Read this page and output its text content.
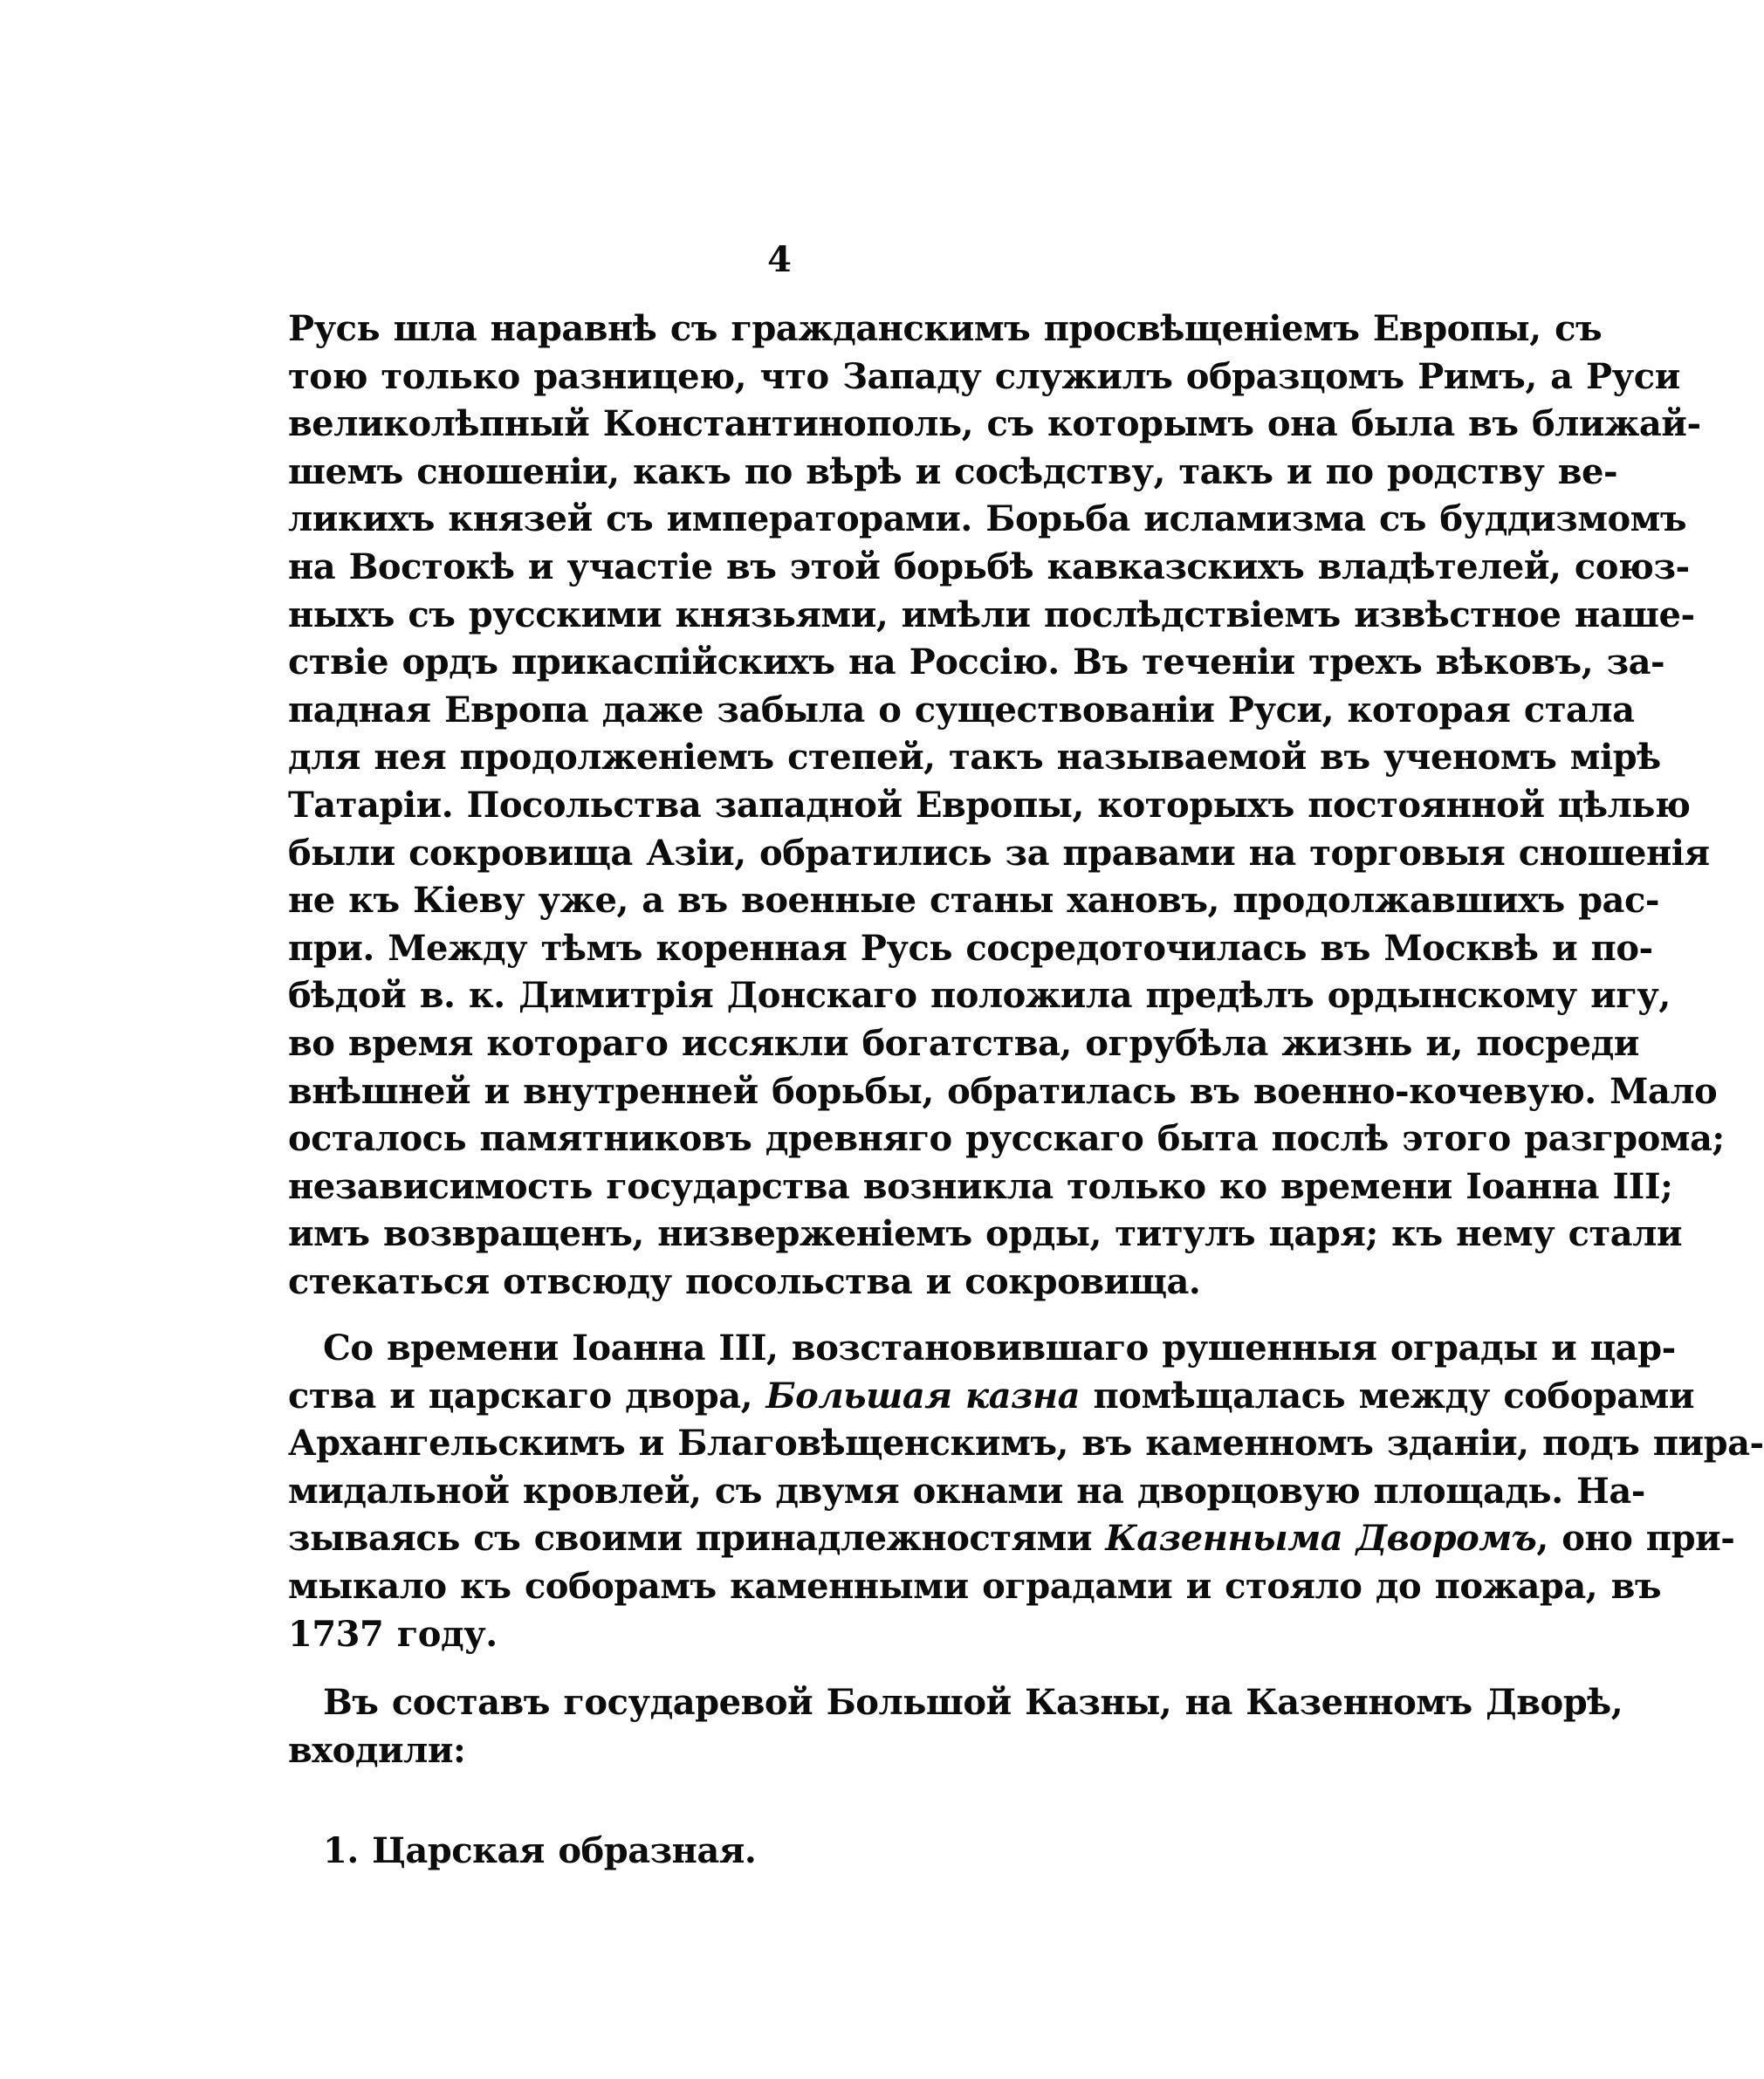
4
Русь шла наравнѣ съ гражданскимъ просвѣщеніемъ Европы, съ
тою только разницею, что Западу служилъ образцомъ Римъ, а Руси
великолѣпный Константинополь, съ которымъ она была въ ближай-
шемъ сношеніи, какъ по вѣрѣ и сосѣдству, такъ и по родству ве-
ликихъ князей съ императорами. Борьба исламизма съ буддизмомъ
на Востокѣ и участіе въ этой борьбѣ кавказскихъ владѣтелей, союз-
ныхъ съ русскими князьями, имѣли послѣдствіемъ извѣстное наше-
ствіе ордъ прикаспійскихъ на Россію. Въ теченіи трехъ вѣковъ, за-
падная Европа даже забыла о существованіи Руси, которая стала
для нея продолженіемъ степей, такъ называемой въ ученомъ мірѣ
Татаріи. Посольства западной Европы, которыхъ постоянной цѣлью
были сокровища Азіи, обратились за правами на торговыя сношенія
не къ Кіеву уже, а въ военные станы хановъ, продолжавшихъ рас-
при. Между тѣмъ коренная Русь сосредоточилась въ Москвѣ и по-
бѣдой в. к. Димитрія Донскаго положила предѣлъ ордынскому игу,
во время котораго иссякли богатства, огрубѣла жизнь и, посреди
внѣшней и внутренней борьбы, обратилась въ военно-кочевую. Мало
осталось памятниковъ древняго русскаго быта послѣ этого разгрома;
независимость государства возникла только ко времени Іоанна III;
имъ возвращенъ, низверженіемъ орды, титулъ царя; къ нему стали
стекаться отвсюду посольства и сокровища.
Со времени Іоанна III, возстановившаго рушенныя ограды и цар-
ства и царскаго двора, Большая казна помѣщалась между соборами
Архангельскимъ и Благовѣщенскимъ, въ каменномъ зданіи, подъ пира-
мидальной кровлей, съ двумя окнами на дворцовую площадь. На-
зываясь съ своими принадлежностями Казенныма Дворомъ, оно при-
мыкало къ соборамъ каменными оградами и стояло до пожара, въ
1737 году.
Въ составъ государевой Большой Казны, на Казенномъ Дворѣ,
входили:
1. Царская образная.
